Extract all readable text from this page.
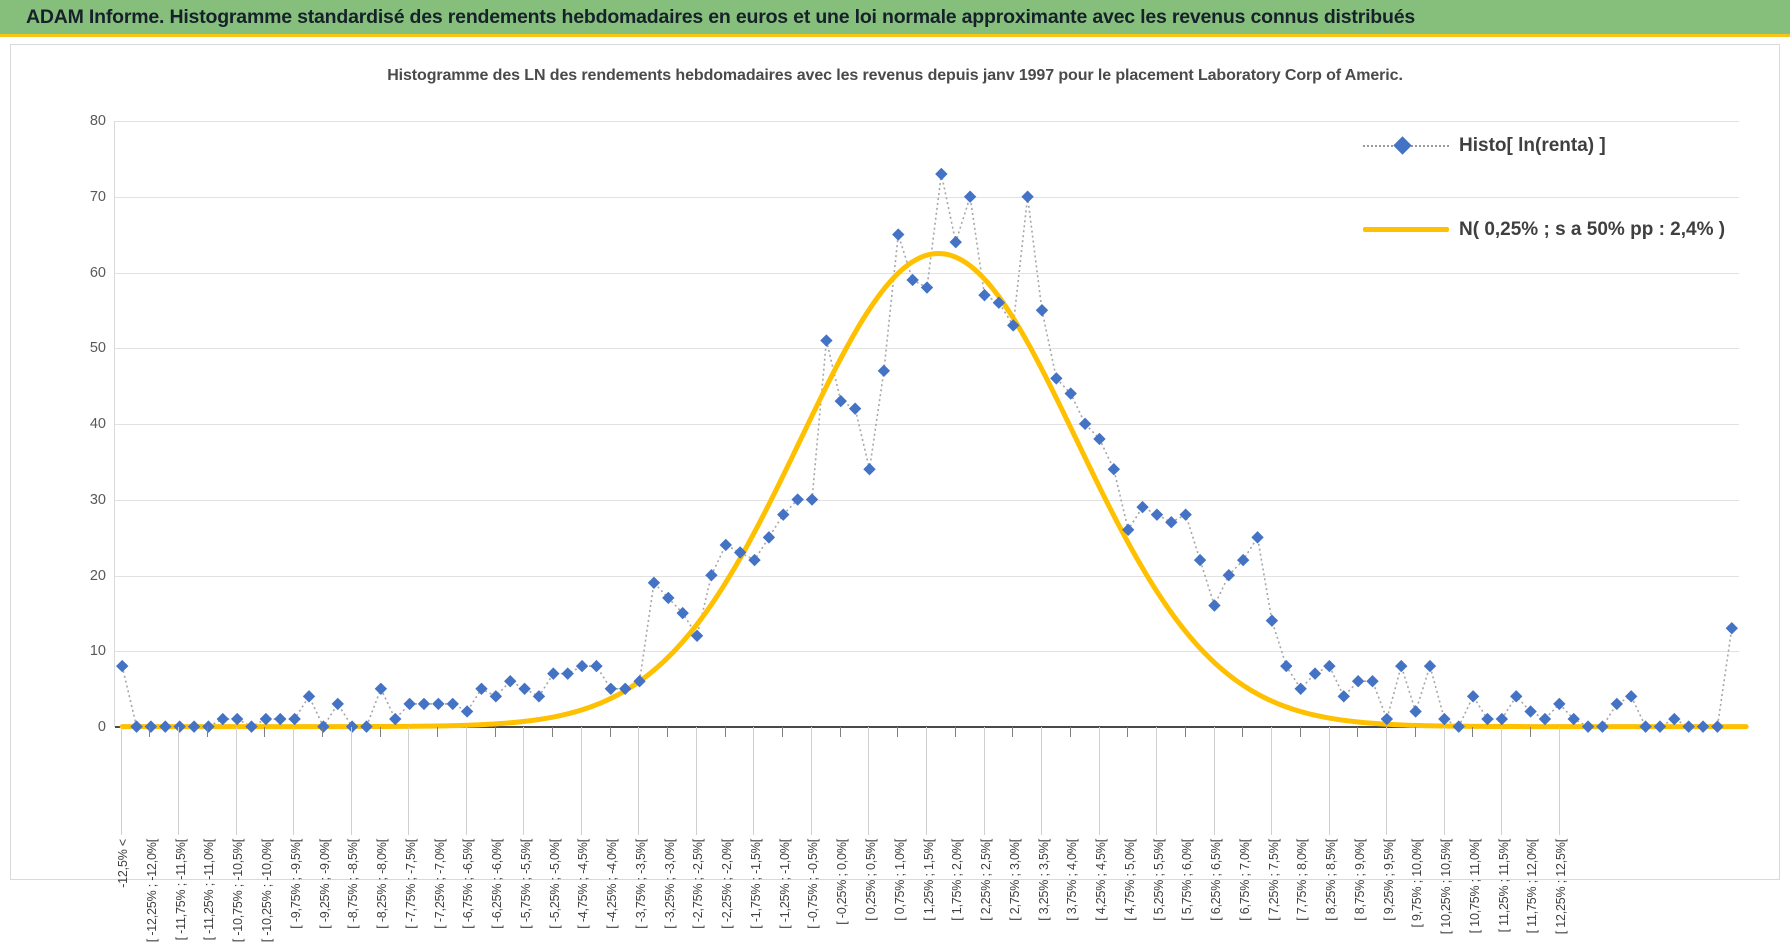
ADAM Informe. Histogramme standardisé des rendements hebdomadaires en euros et une loi normale approximante avec les revenus connus distribués
Histogramme des LN des rendements hebdomadaires avec les revenus depuis janv 1997 pour le placement Laboratory Corp of Americ.
0
10
20
30
40
50
60
70
80
-12,5% < [ -12,25% ; -12,0%[ [ -11,75% ; -11,5%[ [ -11,25% ; -11,0%[ [ -10,75% ; -10,5%[ [ -10,25% ; -10,0%[ [ -9,75% ; -9,5%[ [ -9,25% ; -9,0%[ [ -8,75% ; -8,5%[ [ -8,25% ; -8,0%[ [ -7,75% ; -7,5%[ [ -7,25% ; -7,0%[ [ -6,75% ; -6,5%[ [ -6,25% ; -6,0%[ [ -5,75% ; -5,5%[ [ -5,25% ; -5,0%[ [ -4,75% ; -4,5%[ [ -4,25% ; -4,0%[ [ -3,75% ; -3,5%[ [ -3,25% ; -3,0%[ [ -2,75% ; -2,5%[ [ -2,25% ; -2,0%[ [ -1,75% ; -1,5%[ [ -1,25% ; -1,0%[ [ -0,75% ; -0,5%[ [ -0,25% ; 0,0%[ [ 0,25% ; 0,5%[ [ 0,75% ; 1,0%[ [ 1,25% ; 1,5%[ [ 1,75% ; 2,0%[ [ 2,25% ; 2,5%[ [ 2,75% ; 3,0%[ [ 3,25% ; 3,5%[ [ 3,75% ; 4,0%[ [ 4,25% ; 4,5%[ [ 4,75% ; 5,0%[ [ 5,25% ; 5,5%[ [ 5,75% ; 6,0%[ [ 6,25% ; 6,5%[ [ 6,75% ; 7,0%[ [ 7,25% ; 7,5%[ [ 7,75% ; 8,0%[ [ 8,25% ; 8,5%[ [ 8,75% ; 9,0%[ [ 9,25% ; 9,5%[ [ 9,75% ; 10,0%[ [ 10,25% ; 10,5%[ [ 10,75% ; 11,0%[ [ 11,25% ; 11,5%[ [ 11,75% ; 12,0%[ [ 12,25% ; 12,5%[
Histo[ ln(renta) ]
N( 0,25% ; s a 50% pp : 2,4% )
